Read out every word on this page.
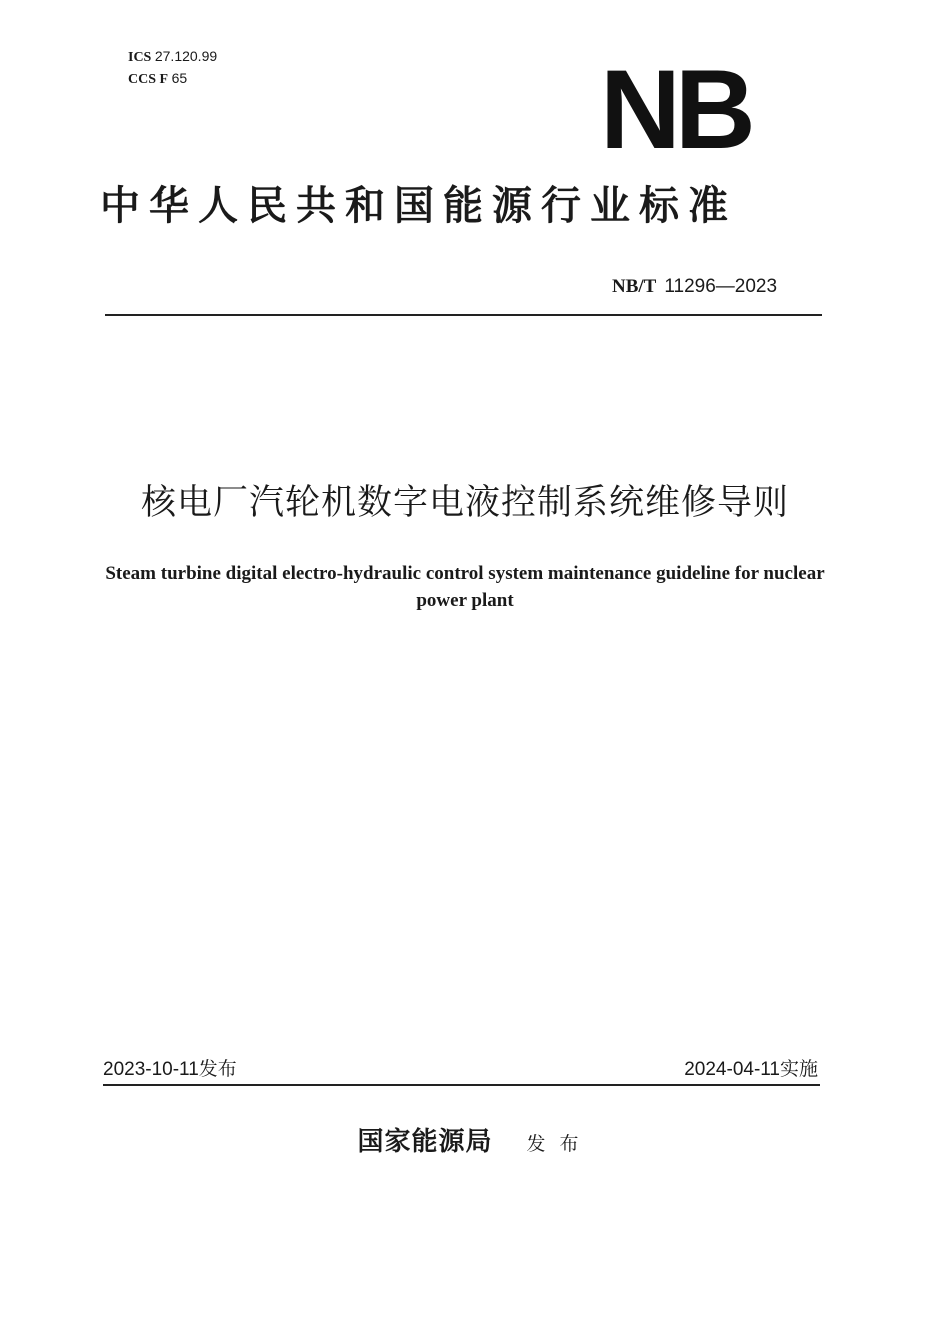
ICS 27.120.99
CCS F 65	NB
中华人民共和国能源行业标准
NB/T 11296—2023
核电厂汽轮机数字电液控制系统维修导则
Steam turbine digital electro-hydraulic control system maintenance guideline for nuclear power plant
2023-10-11发布	2024-04-11实施
国家能源局 发布
